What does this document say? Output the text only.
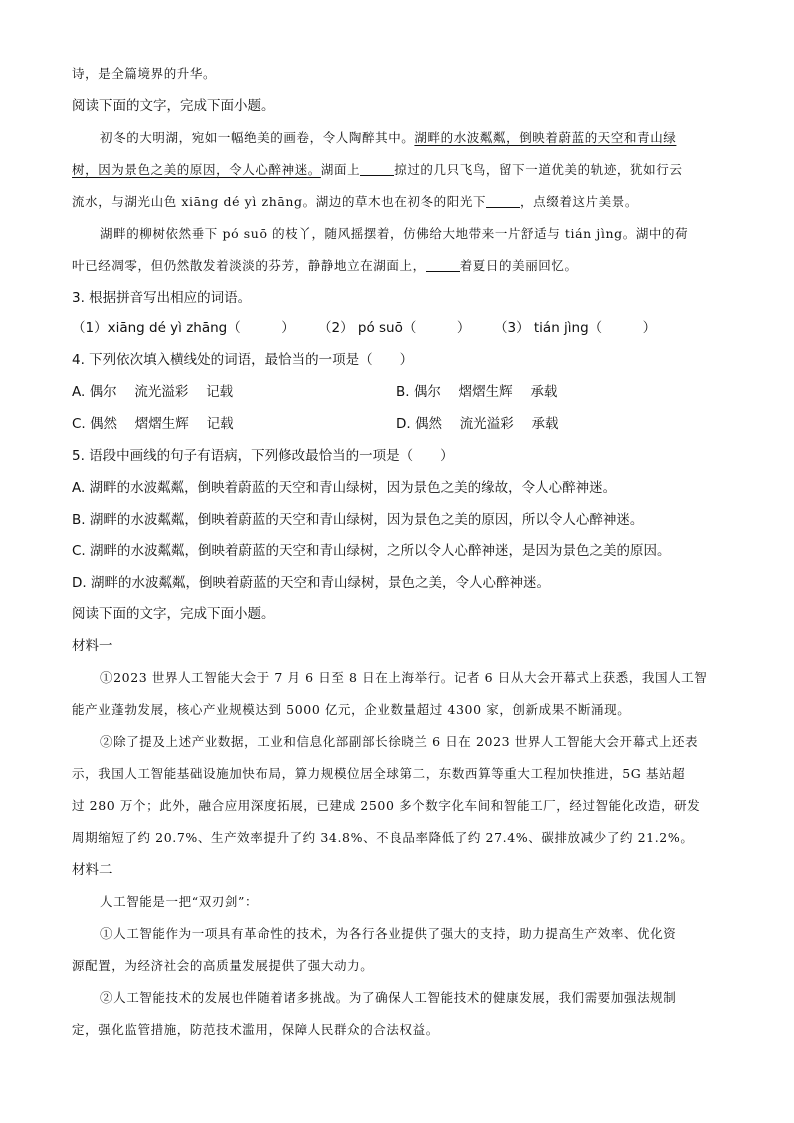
诗，是全篇境界的升华。
阅读下面的文字，完成下面小题。
初冬的大明湖，宛如一幅绝美的画卷，令人陶醉其中。湖畔的水波粼粼，倒映着蔚蓝的天空和青山绿
树，因为景色之美的原因，令人心醉神迷。湖面上	掠过的几只飞鸟，留下一道优美的轨迹，犹如行云
流水，与湖光山色 xiāng dé yì zhāng。湖边的草木也在初冬的阳光下	，点缀着这片美景。
湖畔的柳树依然垂下 pó suō 的枝丫，随风摇摆着，仿佛给大地带来一片舒适与 tián jìng。湖中的荷
叶已经凋零，但仍然散发着淡淡的芬芳，静静地立在湖面上，	着夏日的美丽回忆。
3. 根据拼音写出相应的词语。
（1）xiāng dé yì zhāng（　　　） （2） pó suō（　　　） （3） tián jìng（　　　）
4. 下列依次填入横线处的词语，最恰当的一项是（　　）
A. 偶尔　 流光溢彩　 记载	B. 偶尔　 熠熠生辉　 承载
C. 偶然　 熠熠生辉　 记载	D. 偶然　 流光溢彩　 承载
5. 语段中画线的句子有语病，下列修改最恰当的一项是（　　）
A. 湖畔的水波粼粼，倒映着蔚蓝的天空和青山绿树，因为景色之美的缘故，令人心醉神迷。
B. 湖畔的水波粼粼，倒映着蔚蓝的天空和青山绿树，因为景色之美的原因，所以令人心醉神迷。
C. 湖畔的水波粼粼，倒映着蔚蓝的天空和青山绿树，之所以令人心醉神迷，是因为景色之美的原因。
D. 湖畔的水波粼粼，倒映着蔚蓝的天空和青山绿树，景色之美，令人心醉神迷。
阅读下面的文字，完成下面小题。
材料一
①2023 世界人工智能大会于 7 月 6 日至 8 日在上海举行。记者 6 日从大会开幕式上获悉，我国人工智
能产业蓬勃发展，核心产业规模达到 5000 亿元，企业数量超过 4300 家，创新成果不断涌现。
②除了提及上述产业数据，工业和信息化部副部长徐晓兰 6 日在 2023 世界人工智能大会开幕式上还表
示，我国人工智能基础设施加快布局，算力规模位居全球第二，东数西算等重大工程加快推进，5G 基站超
过 280 万个；此外，融合应用深度拓展，已建成 2500 多个数字化车间和智能工厂，经过智能化改造，研发
周期缩短了约 20.7%、生产效率提升了约 34.8%、不良品率降低了约 27.4%、碳排放减少了约 21.2%。
材料二
人工智能是一把“双刃剑”：
①人工智能作为一项具有革命性的技术，为各行各业提供了强大的支持，助力提高生产效率、优化资
源配置，为经济社会的高质量发展提供了强大动力。
②人工智能技术的发展也伴随着诸多挑战。为了确保人工智能技术的健康发展，我们需要加强法规制
定，强化监管措施，防范技术滥用，保障人民群众的合法权益。
